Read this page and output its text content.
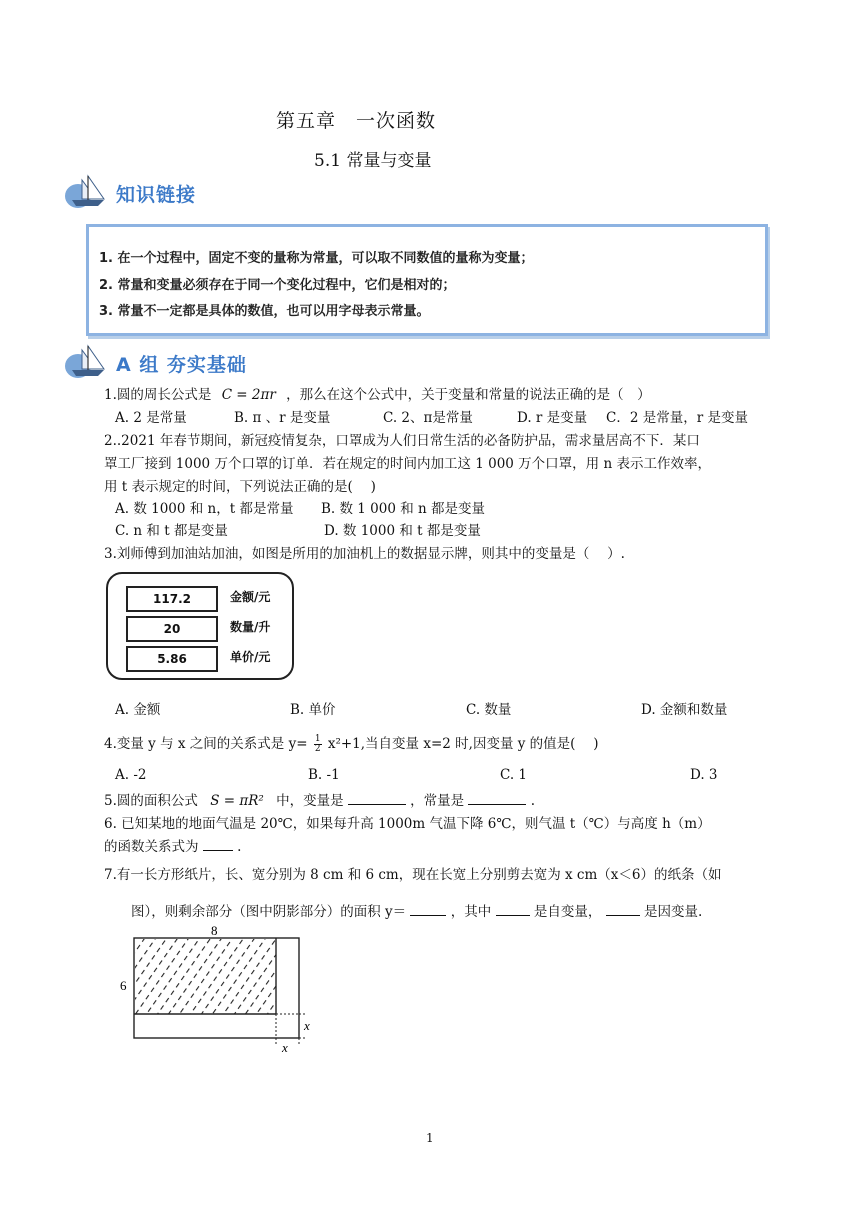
第五章　一次函数
5.1 常量与变量
知识链接
1. 在一个过程中，固定不变的量称为常量，可以取不同数值的量称为变量；
2. 常量和变量必须存在于同一个变化过程中，它们是相对的；
3. 常量不一定都是具体的数值，也可以用字母表示常量。
A 组 夯实基础
1.圆的周长公式是 C = 2πr ，那么在这个公式中，关于变量和常量的说法正确的是（　）
A. 2 是常量	B. π 、r 是变量	C. 2、π是常量	D. r 是变量 C．2 是常量，r 是变量
2..2021 年春节期间，新冠疫情复杂，口罩成为人们日常生活的必备防护品，需求量居高不下．某口
罩工厂接到 1000 万个口罩的订单．若在规定的时间内加工这 1 000 万个口罩，用 n 表示工作效率，
用 t 表示规定的时间，下列说法正确的是(　 )
A. 数 1000 和 n，t 都是常量 B. 数 1 000 和 n 都是变量
C. n 和 t 都是变量	D. 数 1000 和 t 都是变量
3.刘师傅到加油站加油，如图是所用的加油机上的数据显示牌，则其中的变量是（　 ）.
117.2	金额/元
20	数量/升
5.86	单价/元
A. 金额	B. 单价	C. 数量	D. 金额和数量
4.变量 y 与 x 之间的关系式是 $y= \frac{1}{2} x^2+1$,当自变量 x=2 时,因变量 y 的值是(　 )
A. -2	B. -1	C. 1	D. 3
5.圆的面积公式 S = πR² 中，变量是	，常量是	.
6. 已知某地的地面气温是 20℃，如果每升高 1000m 气温下降 6℃，则气温 t（℃）与高度 h（m）
的函数关系式为	.
7.有一长方形纸片，长、宽分别为 8 cm 和 6 cm，现在长宽上分别剪去宽为 x cm（x＜6）的纸条（如
图），则剩余部分（图中阴影部分）的面积 y＝	，其中	是自变量，	是因变量.
8
6
x
x
1
